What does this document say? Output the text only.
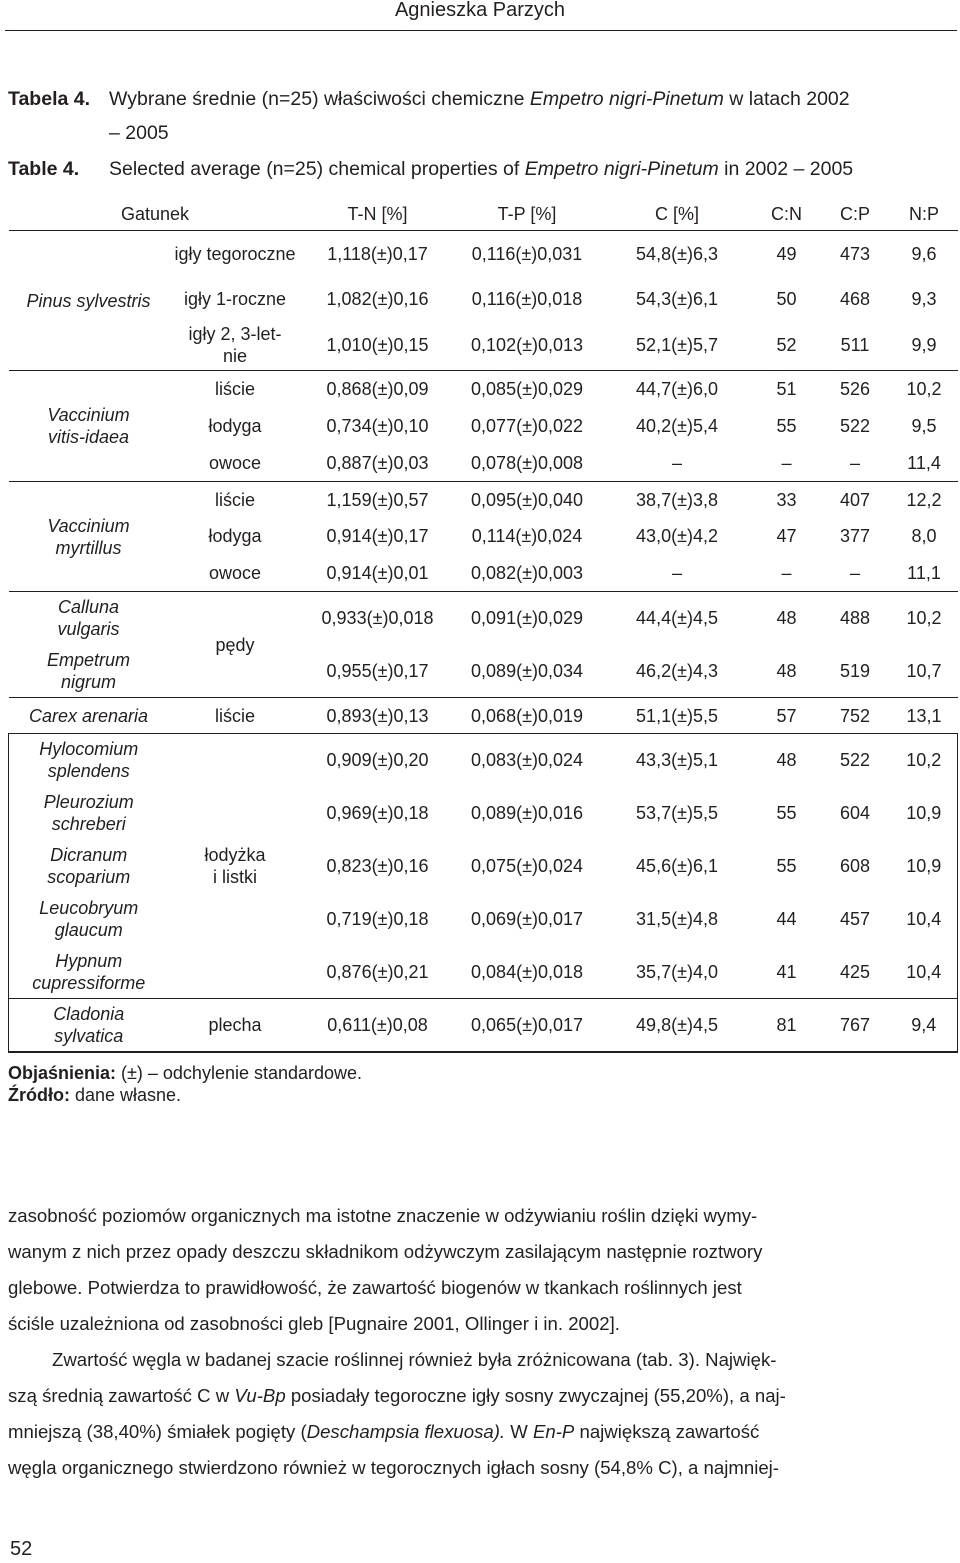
Agnieszka Parzych
Tabela 4. Wybrane średnie (n=25) właściwości chemiczne Empetro nigri-Pinetum w latach 2002
– 2005
Table 4. Selected average (n=25) chemical properties of Empetro nigri-Pinetum in 2002 – 2005
Gatunek		T-N [%]	T-P [%]	C [%]	C:N	C:P	N:P
Pinus sylvestris	igły tegoroczne	1,118(±)0,17	0,116(±)0,031	54,8(±)6,3	49	473	9,6
	igły 1-roczne	1,082(±)0,16	0,116(±)0,018	54,3(±)6,1	50	468	9,3
	igły 2, 3-let-nie	1,010(±)0,15	0,102(±)0,013	52,1(±)5,7	52	511	9,9
Vaccinium vitis-idaea	liście	0,868(±)0,09	0,085(±)0,029	44,7(±)6,0	51	526	10,2
	łodyga	0,734(±)0,10	0,077(±)0,022	40,2(±)5,4	55	522	9,5
	owoce	0,887(±)0,03	0,078(±)0,008	–	–	–	11,4
Vaccinium myrtillus	liście	1,159(±)0,57	0,095(±)0,040	38,7(±)3,8	33	407	12,2
	łodyga	0,914(±)0,17	0,114(±)0,024	43,0(±)4,2	47	377	8,0
	owoce	0,914(±)0,01	0,082(±)0,003	–	–	–	11,1
Calluna vulgaris	pędy	0,933(±)0,018	0,091(±)0,029	44,4(±)4,5	48	488	10,2
Empetrum nigrum		0,955(±)0,17	0,089(±)0,034	46,2(±)4,3	48	519	10,7
Carex arenaria	liście	0,893(±)0,13	0,068(±)0,019	51,1(±)5,5	57	752	13,1
Hylocomium splendens	łodyżka i listki	0,909(±)0,20	0,083(±)0,024	43,3(±)5,1	48	522	10,2
Pleurozium schreberi		0,969(±)0,18	0,089(±)0,016	53,7(±)5,5	55	604	10,9
Dicranum scoparium		0,823(±)0,16	0,075(±)0,024	45,6(±)6,1	55	608	10,9
Leucobryum glaucum		0,719(±)0,18	0,069(±)0,017	31,5(±)4,8	44	457	10,4
Hypnum cupressiforme		0,876(±)0,21	0,084(±)0,018	35,7(±)4,0	41	425	10,4
Cladonia sylvatica	plecha	0,611(±)0,08	0,065(±)0,017	49,8(±)4,5	81	767	9,4
Objaśnienia: (±) – odchylenie standardowe.
Źródło: dane własne.

zasobność poziomów organicznych ma istotne znaczenie w odżywianiu roślin dzięki wymy-
wanym z nich przez opady deszczu składnikom odżywczym zasilającym następnie roztwory
glebowe. Potwierdza to prawidłowość, że zawartość biogenów w tkankach roślinnych jest
ściśle uzależniona od zasobności gleb [Pugnaire 2001, Ollinger i in. 2002].

Zwartość węgla w badanej szacie roślinnej również była zróżnicowana (tab. 3). Najwięk-
szą średnią zawartość C w Vu-Bp posiadały tegoroczne igły sosny zwyczajnej (55,20%), a naj-
mniejszą (38,40%) śmiałek pogięty (Deschampsia flexuosa). W En-P największą zawartość
węgla organicznego stwierdzono również w tegorocznych igłach sosny (54,8% C), a najmniej-

52
